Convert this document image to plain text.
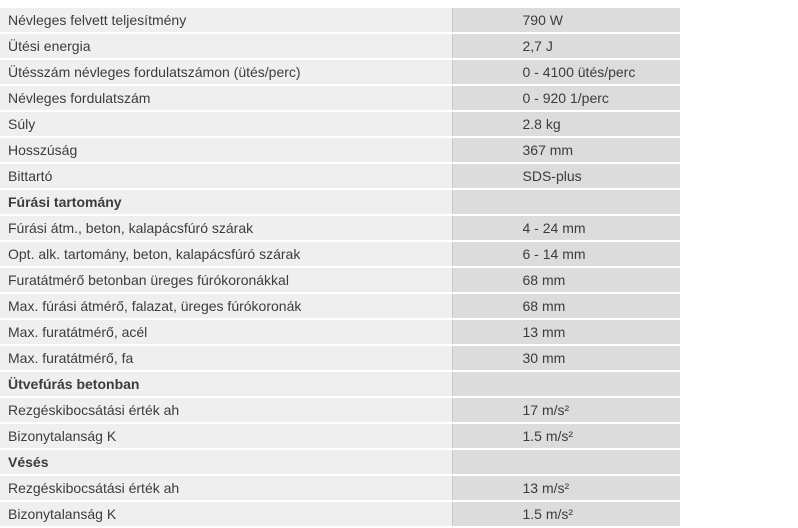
Névleges felvett teljesítmény	790 W
Ütési energia	2,7 J
Ütésszám névleges fordulatszámon (ütés/perc)	0 - 4100 ütés/perc
Névleges fordulatszám	0 - 920 1/perc
Súly	2.8 kg
Hosszúság	367 mm
Bittartó	SDS-plus
Fúrási tartomány	
Fúrási átm., beton, kalapácsfúró szárak	4 - 24 mm
Opt. alk. tartomány, beton, kalapácsfúró szárak	6 - 14 mm
Furatátmérő betonban üreges fúrókoronákkal	68 mm
Max. fúrási átmérő, falazat, üreges fúrókoronák	68 mm
Max. furatátmérő, acél	13 mm
Max. furatátmérő, fa	30 mm
Ütvefúrás betonban	
Rezgéskibocsátási érték ah	17 m/s²
Bizonytalanság K	1.5 m/s²
Vésés	
Rezgéskibocsátási érték ah	13 m/s²
Bizonytalanság K	1.5 m/s²
